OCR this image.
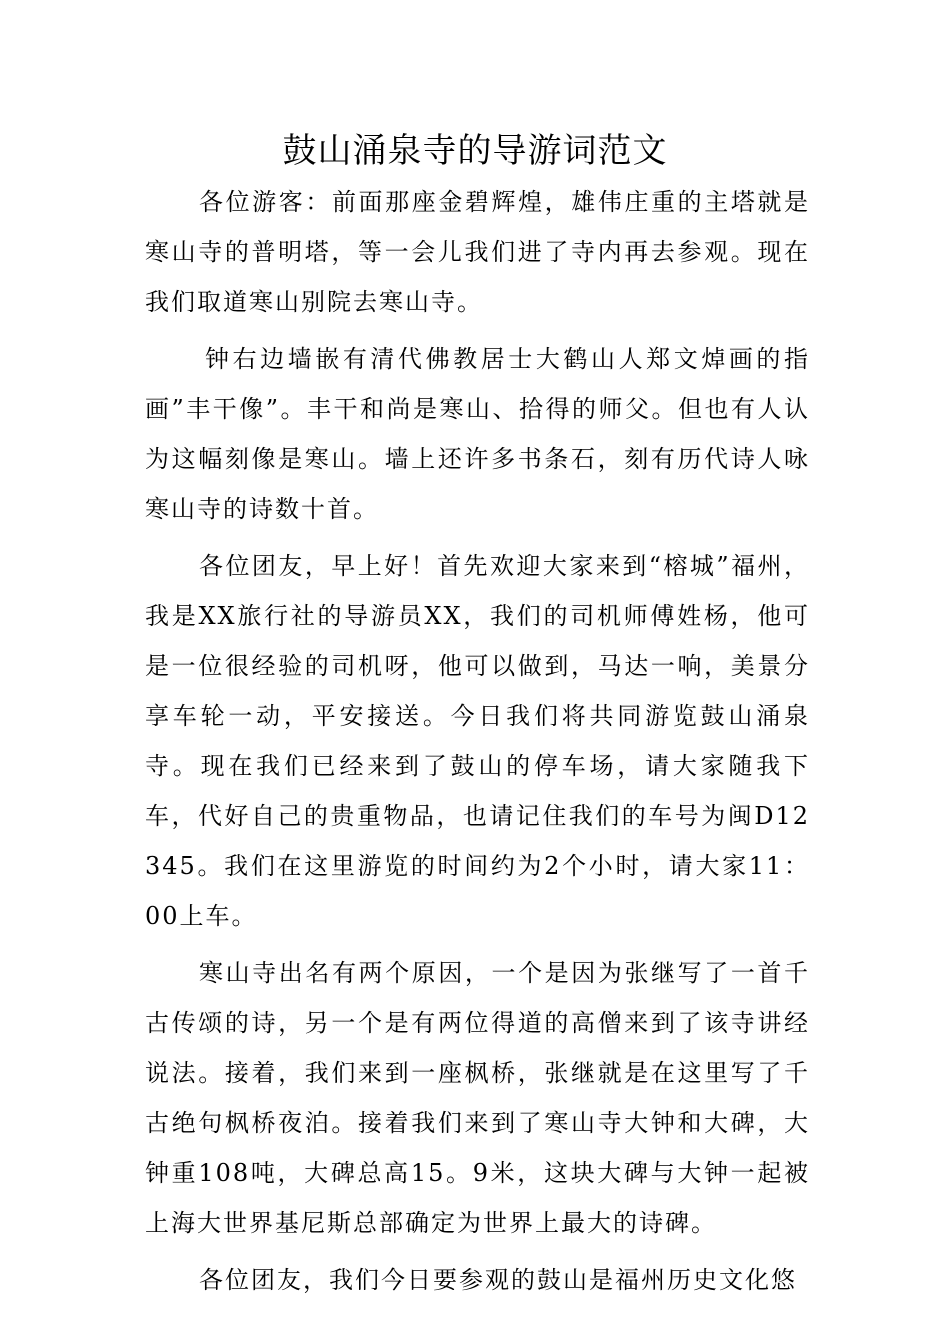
鼓山涌泉寺的导游词范文

各位游客：前面那座金碧辉煌，雄伟庄重的主塔就是寒山寺的普明塔，等一会儿我们进了寺内再去参观。现在我们取道寒山别院去寒山寺。

钟右边墙嵌有清代佛教居士大鹤山人郑文焯画的指画”丰干像”。丰干和尚是寒山、拾得的师父。但也有人认为这幅刻像是寒山。墙上还许多书条石，刻有历代诗人咏寒山寺的诗数十首。

各位团友，早上好！首先欢迎大家来到“榕城”福州，我是XX旅行社的导游员XX，我们的司机师傅姓杨，他可是一位很经验的司机呀，他可以做到，马达一响，美景分享车轮一动，平安接送。今日我们将共同游览鼓山涌泉寺。现在我们已经来到了鼓山的停车场，请大家随我下车，代好自己的贵重物品，也请记住我们的车号为闽D12345。我们在这里游览的时间约为2个小时，请大家11：00上车。

寒山寺出名有两个原因，一个是因为张继写了一首千古传颂的诗，另一个是有两位得道的高僧来到了该寺讲经说法。接着，我们来到一座枫桥，张继就是在这里写了千古绝句枫桥夜泊。接着我们来到了寒山寺大钟和大碑，大钟重108吨，大碑总高15。9米，这块大碑与大钟一起被上海大世界基尼斯总部确定为世界上最大的诗碑。

各位团友，我们今日要参观的鼓山是福州历史文化悠
